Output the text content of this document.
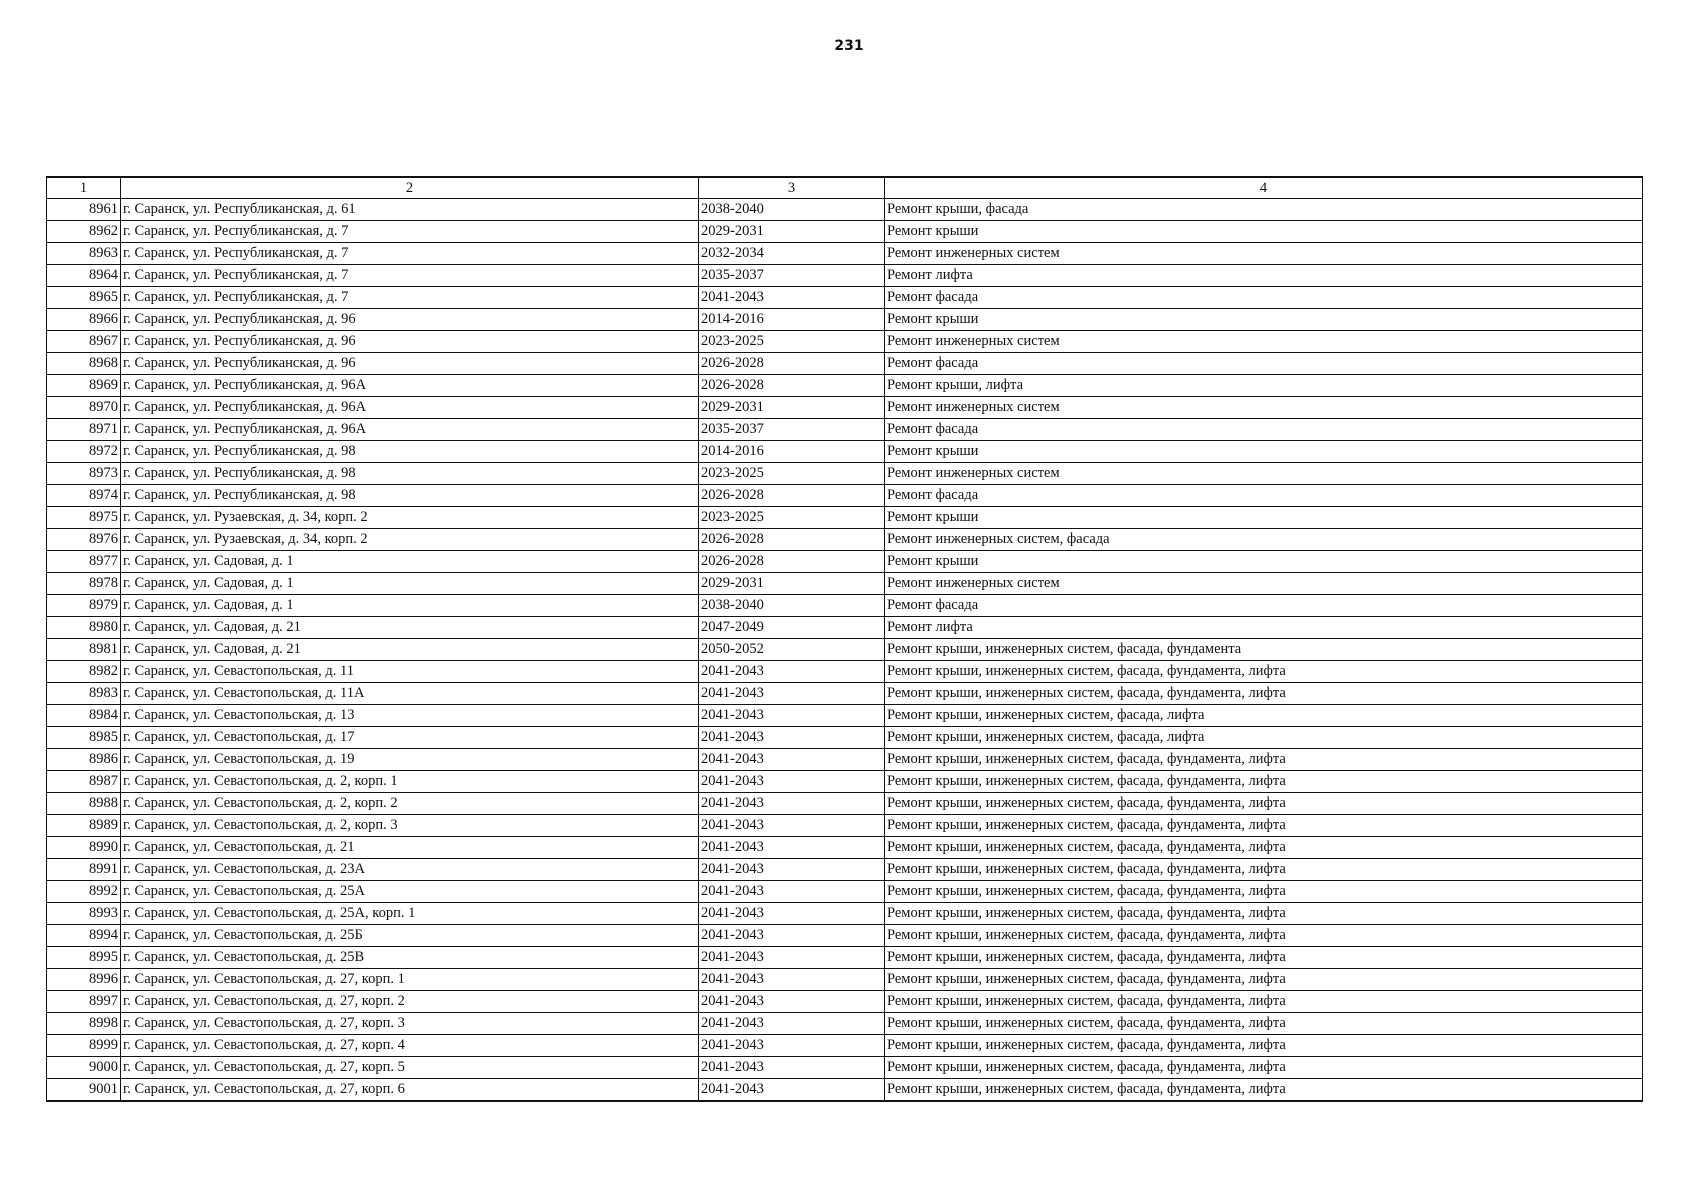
231
1	2	3	4
8961	г. Саранск, ул. Республиканская, д. 61	2038-2040	Ремонт крыши, фасада
8962	г. Саранск, ул. Республиканская, д. 7	2029-2031	Ремонт крыши
8963	г. Саранск, ул. Республиканская, д. 7	2032-2034	Ремонт инженерных систем
8964	г. Саранск, ул. Республиканская, д. 7	2035-2037	Ремонт лифта
8965	г. Саранск, ул. Республиканская, д. 7	2041-2043	Ремонт фасада
8966	г. Саранск, ул. Республиканская, д. 96	2014-2016	Ремонт крыши
8967	г. Саранск, ул. Республиканская, д. 96	2023-2025	Ремонт инженерных систем
8968	г. Саранск, ул. Республиканская, д. 96	2026-2028	Ремонт фасада
8969	г. Саранск, ул. Республиканская, д. 96А	2026-2028	Ремонт крыши, лифта
8970	г. Саранск, ул. Республиканская, д. 96А	2029-2031	Ремонт инженерных систем
8971	г. Саранск, ул. Республиканская, д. 96А	2035-2037	Ремонт фасада
8972	г. Саранск, ул. Республиканская, д. 98	2014-2016	Ремонт крыши
8973	г. Саранск, ул. Республиканская, д. 98	2023-2025	Ремонт инженерных систем
8974	г. Саранск, ул. Республиканская, д. 98	2026-2028	Ремонт фасада
8975	г. Саранск, ул. Рузаевская, д. 34, корп. 2	2023-2025	Ремонт крыши
8976	г. Саранск, ул. Рузаевская, д. 34, корп. 2	2026-2028	Ремонт инженерных систем, фасада
8977	г. Саранск, ул. Садовая, д. 1	2026-2028	Ремонт крыши
8978	г. Саранск, ул. Садовая, д. 1	2029-2031	Ремонт инженерных систем
8979	г. Саранск, ул. Садовая, д. 1	2038-2040	Ремонт фасада
8980	г. Саранск, ул. Садовая, д. 21	2047-2049	Ремонт лифта
8981	г. Саранск, ул. Садовая, д. 21	2050-2052	Ремонт крыши, инженерных систем, фасада, фундамента
8982	г. Саранск, ул. Севастопольская, д. 11	2041-2043	Ремонт крыши, инженерных систем, фасада, фундамента, лифта
8983	г. Саранск, ул. Севастопольская, д. 11А	2041-2043	Ремонт крыши, инженерных систем, фасада, фундамента, лифта
8984	г. Саранск, ул. Севастопольская, д. 13	2041-2043	Ремонт крыши, инженерных систем, фасада, лифта
8985	г. Саранск, ул. Севастопольская, д. 17	2041-2043	Ремонт крыши, инженерных систем, фасада, лифта
8986	г. Саранск, ул. Севастопольская, д. 19	2041-2043	Ремонт крыши, инженерных систем, фасада, фундамента, лифта
8987	г. Саранск, ул. Севастопольская, д. 2, корп. 1	2041-2043	Ремонт крыши, инженерных систем, фасада, фундамента, лифта
8988	г. Саранск, ул. Севастопольская, д. 2, корп. 2	2041-2043	Ремонт крыши, инженерных систем, фасада, фундамента, лифта
8989	г. Саранск, ул. Севастопольская, д. 2, корп. 3	2041-2043	Ремонт крыши, инженерных систем, фасада, фундамента, лифта
8990	г. Саранск, ул. Севастопольская, д. 21	2041-2043	Ремонт крыши, инженерных систем, фасада, фундамента, лифта
8991	г. Саранск, ул. Севастопольская, д. 23А	2041-2043	Ремонт крыши, инженерных систем, фасада, фундамента, лифта
8992	г. Саранск, ул. Севастопольская, д. 25А	2041-2043	Ремонт крыши, инженерных систем, фасада, фундамента, лифта
8993	г. Саранск, ул. Севастопольская, д. 25А, корп. 1	2041-2043	Ремонт крыши, инженерных систем, фасада, фундамента, лифта
8994	г. Саранск, ул. Севастопольская, д. 25Б	2041-2043	Ремонт крыши, инженерных систем, фасада, фундамента, лифта
8995	г. Саранск, ул. Севастопольская, д. 25В	2041-2043	Ремонт крыши, инженерных систем, фасада, фундамента, лифта
8996	г. Саранск, ул. Севастопольская, д. 27, корп. 1	2041-2043	Ремонт крыши, инженерных систем, фасада, фундамента, лифта
8997	г. Саранск, ул. Севастопольская, д. 27, корп. 2	2041-2043	Ремонт крыши, инженерных систем, фасада, фундамента, лифта
8998	г. Саранск, ул. Севастопольская, д. 27, корп. 3	2041-2043	Ремонт крыши, инженерных систем, фасада, фундамента, лифта
8999	г. Саранск, ул. Севастопольская, д. 27, корп. 4	2041-2043	Ремонт крыши, инженерных систем, фасада, фундамента, лифта
9000	г. Саранск, ул. Севастопольская, д. 27, корп. 5	2041-2043	Ремонт крыши, инженерных систем, фасада, фундамента, лифта
9001	г. Саранск, ул. Севастопольская, д. 27, корп. 6	2041-2043	Ремонт крыши, инженерных систем, фасада, фундамента, лифта
